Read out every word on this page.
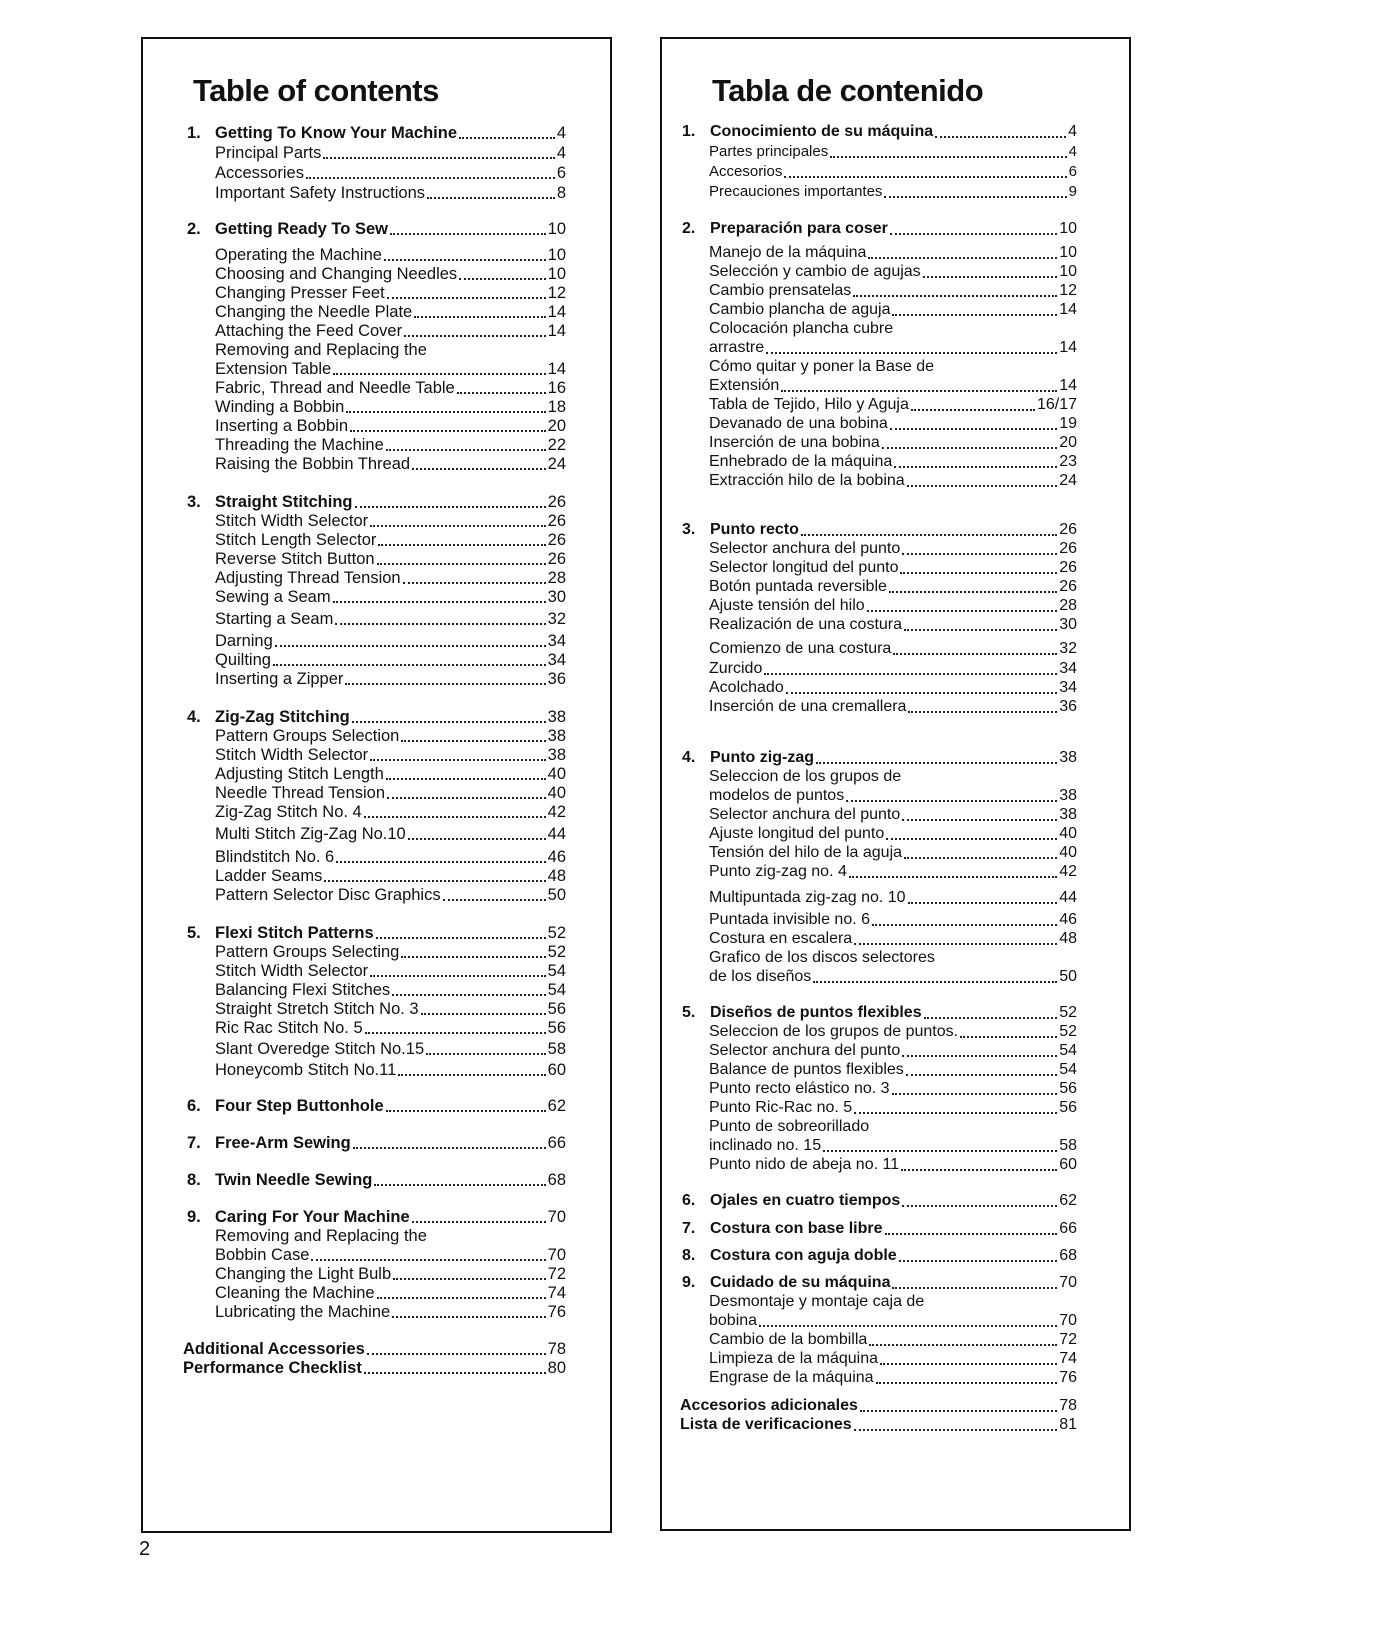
Table of contents
1. Getting To Know Your Machine	4
Principal Parts	4
Accessories	6
Important Safety Instructions	8
2. Getting Ready To Sew	10
Operating the Machine	10
Choosing and Changing Needles	10
Changing Presser Feet	12
Changing the Needle Plate	14
Attaching the Feed Cover	14
Removing and Replacing the
Extension Table	14
Fabric, Thread and Needle Table	16
Winding a Bobbin	18
Inserting a Bobbin	20
Threading the Machine	22
Raising the Bobbin Thread	24
3. Straight Stitching	26
Stitch Width Selector	26
Stitch Length Selector	26
Reverse Stitch Button	26
Adjusting Thread Tension	28
Sewing a Seam	30
Starting a Seam	32
Darning	34
Quilting	34
Inserting a Zipper	36
4. Zig-Zag Stitching	38
Pattern Groups Selection	38
Stitch Width Selector	38
Adjusting Stitch Length	40
Needle Thread Tension	40
Zig-Zag Stitch No. 4	42
Multi Stitch Zig-Zag No.10	44
Blindstitch No. 6	46
Ladder Seams	48
Pattern Selector Disc Graphics	50
5. Flexi Stitch Patterns	52
Pattern Groups Selecting	52
Stitch Width Selector	54
Balancing Flexi Stitches	54
Straight Stretch Stitch No. 3	56
Ric Rac Stitch No. 5	56
Slant Overedge Stitch No.15	58
Honeycomb Stitch No.11	60
6. Four Step Buttonhole	62
7. Free-Arm Sewing	66
8. Twin Needle Sewing	68
9. Caring For Your Machine	70
Removing and Replacing the
Bobbin Case	70
Changing the Light Bulb	72
Cleaning the Machine	74
Lubricating the Machine	76
Additional Accessories	78
Performance Checklist	80
Tabla de contenido
1. Conocimiento de su máquina	4
Partes principales	4
Accesorios	6
Precauciones importantes	9
2. Preparación para coser	10
Manejo de la máquina	10
Selección y cambio de agujas	10
Cambio prensatelas	12
Cambio plancha de aguja	14
Colocación plancha cubre
arrastre	14
Cómo quitar y poner la Base de
Extensión	14
Tabla de Tejido, Hilo y Aguja	16/17
Devanado de una bobina	19
Inserción de una bobina	20
Enhebrado de la máquina	23
Extracción hilo de la bobina	24
3. Punto recto	26
Selector anchura del punto	26
Selector longitud del punto	26
Botón puntada reversible	26
Ajuste tensión del hilo	28
Realización de una costura	30
Comienzo de una costura	32
Zurcido	34
Acolchado	34
Inserción de una cremallera	36
4. Punto zig-zag	38
Seleccion de los grupos de
modelos de puntos	38
Selector anchura del punto	38
Ajuste longitud del punto	40
Tensión del hilo de la aguja	40
Punto zig-zag no. 4	42
Multipuntada zig-zag no. 10	44
Puntada invisible no. 6	46
Costura en escalera	48
Grafico de los discos selectores
de los diseños	50
5. Diseños de puntos flexibles	52
Seleccion de los grupos de puntos.	52
Selector anchura del punto	54
Balance de puntos flexibles	54
Punto recto elástico no. 3	56
Punto Ric-Rac no. 5	56
Punto de sobreorillado
inclinado no. 15	58
Punto nido de abeja no. 11	60
6. Ojales en cuatro tiempos	62
7. Costura con base libre	66
8. Costura con aguja doble	68
9. Cuidado de su máquina	70
Desmontaje y montaje caja de
bobina	70
Cambio de la bombilla	72
Limpieza de la máquina	74
Engrase de la máquina	76
Accesorios adicionales	78
Lista de verificaciones	81

2
